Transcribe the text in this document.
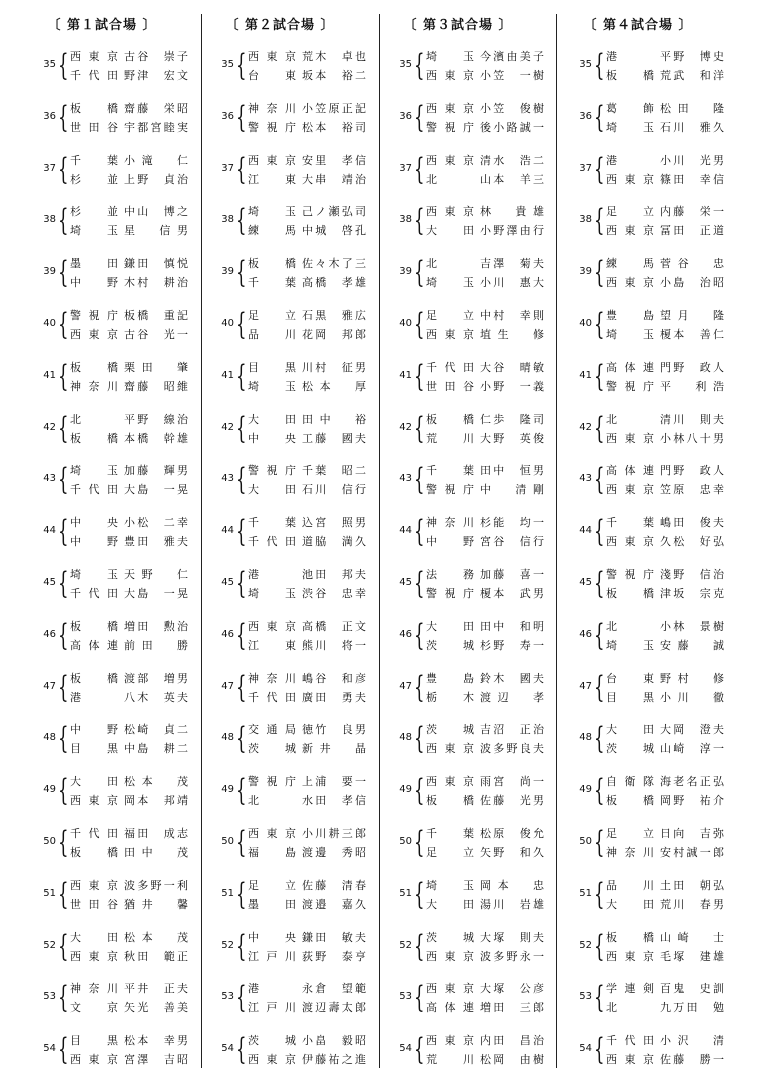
〔 第１試合場 〕
35 { 西東京 古谷　崇子
千代田 野津　宏文
36 { 板　橋 齋藤　栄昭
世田谷 宇都宮睦実
37 { 千　葉 小滝　仁
杉　並 上野　貞治
38 { 杉　並 中山　博之
埼　玉 星　信男
39 { 墨　田 鎌田　慎悦
中　野 木村　耕治
40 { 警視庁 板橋　重記
西東京 古谷　光一
41 { 板　橋 栗田　肇
神奈川 齋藤　昭維
42 { 北	平野　線治
板　橋 本橋　幹雄
43 { 埼　玉 加藤　輝男
千代田 大島　一晃
44 { 中　央 小松　二幸
中　野 豊田　雅夫
45 { 埼　玉 天野　仁
千代田 大島　一晃
46 { 板　橋 増田　勲治
高体連 前田　勝
47 { 板　橋 渡部　増男
港	八木　英夫
48 { 中　野 松崎　貞二
目　黒 中島　耕二
49 { 大　田 松本　茂
西東京 岡本　邦靖
50 { 千代田 福田　成志
板　橋 田中　茂
51 { 西東京 波多野一利
世田谷 猶井　馨
52 { 大　田 松本　茂
西東京 秋田　範正
53 { 神奈川 平井　正夫
文　京 矢光　善美
54 { 目　黒 松本　幸男
西東京 宮澤　吉昭
〔 第２試合場 〕
35 { 西東京 荒木　卓也
台　東 坂本　裕二
36 { 神奈川 小笠原正記
警視庁 松本　裕司
37 { 西東京 安里　孝信
江　東 大串　靖治
38 { 埼　玉 己ノ瀬弘司
練　馬 中城　啓孔
39 { 板　橋 佐々木了三
千　葉 高橋　孝雄
40 { 足　立 石黒　雅広
品　川 花岡　邦郎
41 { 目　黒 川村　征男
埼　玉 松本　厚
42 { 大　田 田中　裕
中　央 工藤　國夫
43 { 警視庁 千葉　昭二
大　田 石川　信行
44 { 千　葉 込宮　照男
千代田 道脇　満久
45 { 港	池田　邦夫
埼　玉 渋谷　忠幸
46 { 西東京 高橋　正文
江　東 熊川　将一
47 { 神奈川 嶋谷　和彦
千代田 廣田　勇夫
48 { 交通局 徳竹　良男
茨　城 新井　晶
49 { 警視庁 上浦　要一
北	水田　孝信
50 { 西東京 小川耕三郎
福　島 渡邊　秀昭
51 { 足　立 佐藤　清春
墨　田 渡邉　嘉久
52 { 中　央 鎌田　敏夫
江戸川 荻野　泰亨
53 { 港	永倉　望範
江戸川 渡辺壽太郎
54 { 茨　城 小畠　毅昭
西東京 伊藤祐之進
〔 第３試合場 〕
35 { 埼　玉 今濱由美子
西東京 小笠　一樹
36 { 西東京 小笠　俊樹
警視庁 後小路誠一
37 { 西東京 清水　浩二
北	山本　羊三
38 { 西東京 林　貴雄
大　田 小野澤由行
39 { 北	吉澤　菊夫
埼　玉 小川　惠大
40 { 足　立 中村　幸則
西東京 埴生　修
41 { 千代田 大谷　晴敏
世田谷 小野　一義
42 { 板　橋 仁歩　隆司
荒　川 大野　英俊
43 { 千　葉 田中　恒男
警視庁 中　清剛
44 { 神奈川 杉能　均一
中　野 宮谷　信行
45 { 法　務 加藤　喜一
警視庁 榎本　武男
46 { 大　田 田中　和明
茨　城 杉野　寿一
47 { 豊　島 鈴木　國夫
栃　木 渡辺　孝
48 { 茨　城 吉沼　正治
西東京 波多野良夫
49 { 西東京 雨宮　尚一
板　橋 佐藤　光男
50 { 千　葉 松原　俊允
足　立 矢野　和久
51 { 埼　玉 岡本　忠
大　田 湯川　岩雄
52 { 茨　城 大塚　則夫
西東京 波多野永一
53 { 西東京 大塚　公彦
高体連 増田　三郎
54 { 西東京 内田　昌治
荒　川 松岡　由樹
〔 第４試合場 〕
35 { 港	平野　博史
板　橋 荒武　和洋
36 { 葛　飾 松田　隆
埼　玉 石川　雅久
37 { 港	小川　光男
西東京 篠田　幸信
38 { 足　立 内藤　栄一
西東京 冨田　正道
39 { 練　馬 菅谷　忠
西東京 小島　治昭
40 { 豊　島 望月　隆
埼　玉 榎本　善仁
41 { 高体連 門野　政人
警視庁 平　利浩
42 { 北	清川　則夫
西東京 小林八十男
43 { 高体連 門野　政人
西東京 笠原　忠幸
44 { 千　葉 嶋田　俊夫
西東京 久松　好弘
45 { 警視庁 淺野　信治
板　橋 津坂　宗克
46 { 北	小林　景樹
埼　玉 安藤　誠
47 { 台　東 野村　修
目　黒 小川　徹
48 { 大　田 大岡　澄夫
茨　城 山崎　淳一
49 { 自衛隊 海老名正弘
板　橋 岡野　祐介
50 { 足　立 日向　吉弥
神奈川 安村誠一郎
51 { 品　川 土田　朝弘
大　田 荒川　春男
52 { 板　橋 山崎　士
西東京 毛塚　建雄
53 { 学連剣 百鬼　史訓
北	九万田　勉
54 { 千代田 小沢　清
西東京 佐藤　勝一
